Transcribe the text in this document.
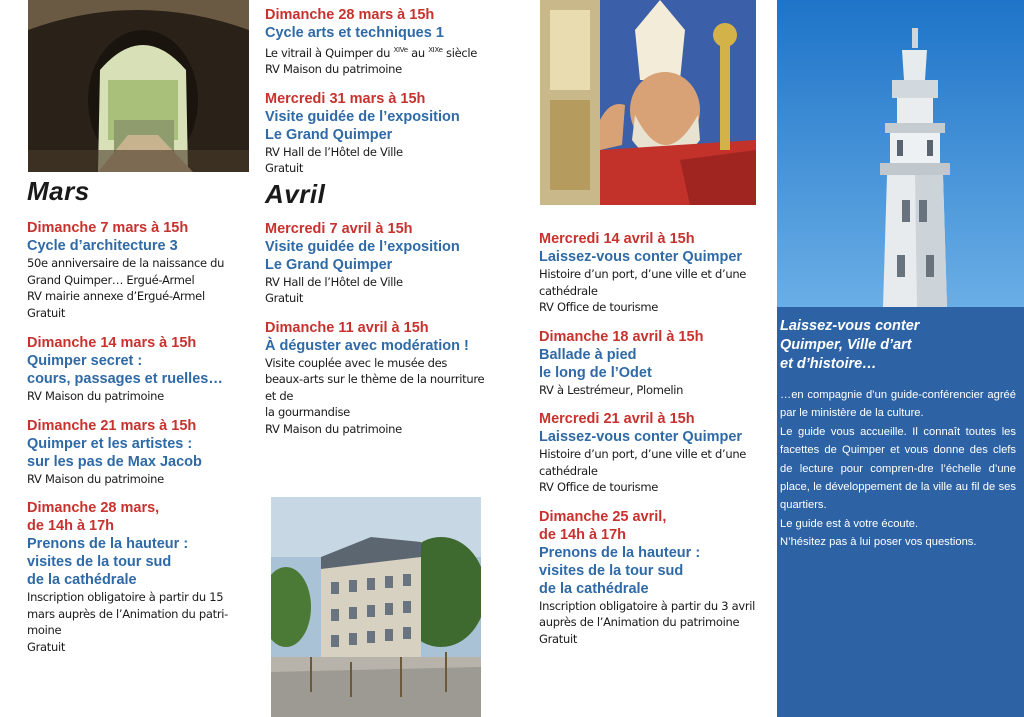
Mars
Dimanche 7 mars à 15h
Cycle d’architecture 3
50e anniversaire de la naissance du
Grand Quimper… Ergué-Armel
RV mairie annexe d’Ergué-Armel
Gratuit
Dimanche 14 mars à 15h
Quimper secret :
cours, passages et ruelles…
RV Maison du patrimoine
Dimanche 21 mars à 15h
Quimper et les artistes :
sur les pas de Max Jacob
RV Maison du patrimoine
Dimanche 28 mars,
de 14h à 17h
Prenons de la hauteur :
visites de la tour sud
de la cathédrale
Inscription obligatoire à partir du 15
mars auprès de l’Animation du patri-
moine
Gratuit
Dimanche 28 mars à 15h
Cycle arts et techniques 1
Le vitrail à Quimper du $^{XIVe}$ au $^{XIXe}$ siècle
RV Maison du patrimoine
Mercredi 31 mars à 15h
Visite guidée de l’exposition
Le Grand Quimper
RV Hall de l’Hôtel de Ville
Gratuit
Avril
Mercredi 7 avril à 15h
Visite guidée de l’exposition
Le Grand Quimper
RV Hall de l’Hôtel de Ville
Gratuit
Dimanche 11 avril à 15h
À déguster avec modération !
Visite couplée avec le musée des
beaux-arts sur le thème de la nourriture
et de
la gourmandise
RV Maison du patrimoine
Mercredi 14 avril à 15h
Laissez-vous conter Quimper
Histoire d’un port, d’une ville et d’une
cathédrale
RV Office de tourisme
Dimanche 18 avril à 15h
Ballade à pied
le long de l’Odet
RV à Lestrémeur, Plomelin
Mercredi 21 avril à 15h
Laissez-vous conter Quimper
Histoire d’un port, d’une ville et d’une
cathédrale
RV Office de tourisme
Dimanche 25 avril,
de 14h à 17h
Prenons de la hauteur :
visites de la tour sud
de la cathédrale
Inscription obligatoire à partir du 3 avril
auprès de l’Animation du patrimoine
Gratuit
Laissez-vous conter
Quimper, Ville d’art
et d’histoire…
…en compagnie d’un guide-conférencier agréé par le ministère de la culture.
Le guide vous accueille. Il connaît toutes les facettes de Quimper et vous donne des clefs de lecture pour compren-dre l’échelle d’une place, le développement de la ville au fil de ses quartiers.
Le guide est à votre écoute.
N’hésitez pas à lui poser vos questions.
